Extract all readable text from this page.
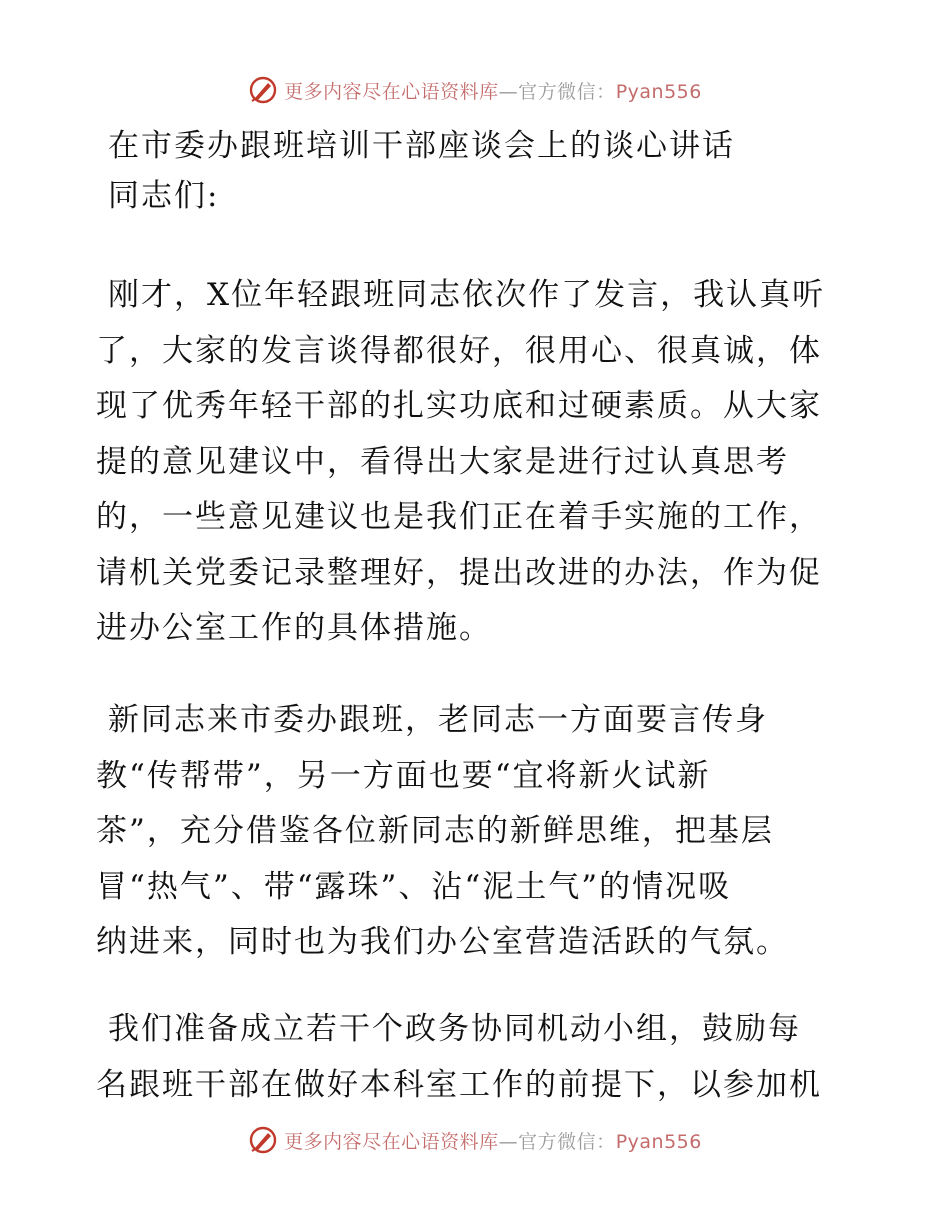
更多内容尽在心语资料库—官方微信：Pyan556
在市委办跟班培训干部座谈会上的谈心讲话

同志们:

刚才，X位年轻跟班同志依次作了发言，我认真听
了，大家的发言谈得都很好，很用心、很真诚，体
现了优秀年轻干部的扎实功底和过硬素质。从大家
提的意见建议中，看得出大家是进行过认真思考
的，一些意见建议也是我们正在着手实施的工作，
请机关党委记录整理好，提出改进的办法，作为促
进办公室工作的具体措施。

新同志来市委办跟班，老同志一方面要言传身
教“传帮带”，另一方面也要“宜将新火试新
茶”，充分借鉴各位新同志的新鲜思维，把基层
冒“热气”、带“露珠”、沾“泥土气”的情况吸
纳进来，同时也为我们办公室营造活跃的气氛。

我们准备成立若干个政务协同机动小组，鼓励每
名跟班干部在做好本科室工作的前提下，以参加机

更多内容尽在心语资料库—官方微信：Pyan556
